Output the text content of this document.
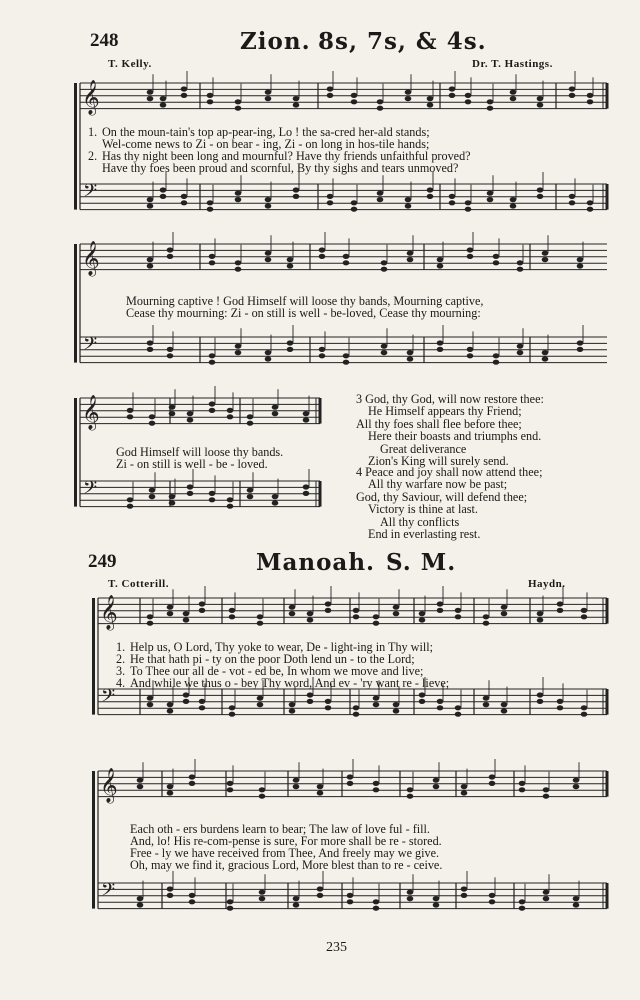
248	Zion. 8s, 7s, & 4s.
T. Kelly.	Dr. T. Hastings.
𝄞
𝄢
𝄞
𝄢
𝄞
𝄢
𝄞
𝄢
𝄞
𝄢
1. On the moun-tain's top ap-pear-ing, Lo ! the sa-cred her-ald stands;
Wel-come news to Zi - on bear - ing, Zi - on long in hos-tile hands;
2. Has thy night been long and mournful? Have thy friends unfaithful proved?
Have thy foes been proud and scornful, By thy sighs and tears unmoved?
Mourning captive ! God Himself will loose thy bands, Mourning captive,
Cease thy mourning: Zi - on still is well - be-loved, Cease thy mourning:
God Himself will loose thy bands.
Zi - on still is well - be - loved.
3 God, thy God, will now restore thee:
He Himself appears thy Friend;
All thy foes shall flee before thee;
Here their boasts and triumphs end.
Great deliverance
Zion's King will surely send.
4 Peace and joy shall now attend thee;
All thy warfare now be past;
God, thy Saviour, will defend thee;
Victory is thine at last.
All thy conflicts
End in everlasting rest.
249	Manoah. S. M.
T. Cotterill.	Haydn.
1. Help us, O Lord, Thy yoke to wear, De - light-ing in Thy will;
2. He that hath pi - ty on the poor Doth lend un - to the Lord;
3. To Thee our all de - vot - ed be, In whom we move and live;
4. And while we thus o - bey Thy word, And ev - 'ry want re - lieve;
Each oth - ers burdens learn to bear; The law of love ful - fill.
And, lo! His re-com-pense is sure, For more shall be re - stored.
Free - ly we have received from Thee, And freely may we give.
Oh, may we find it, gracious Lord, More blest than to re - ceive.
235
